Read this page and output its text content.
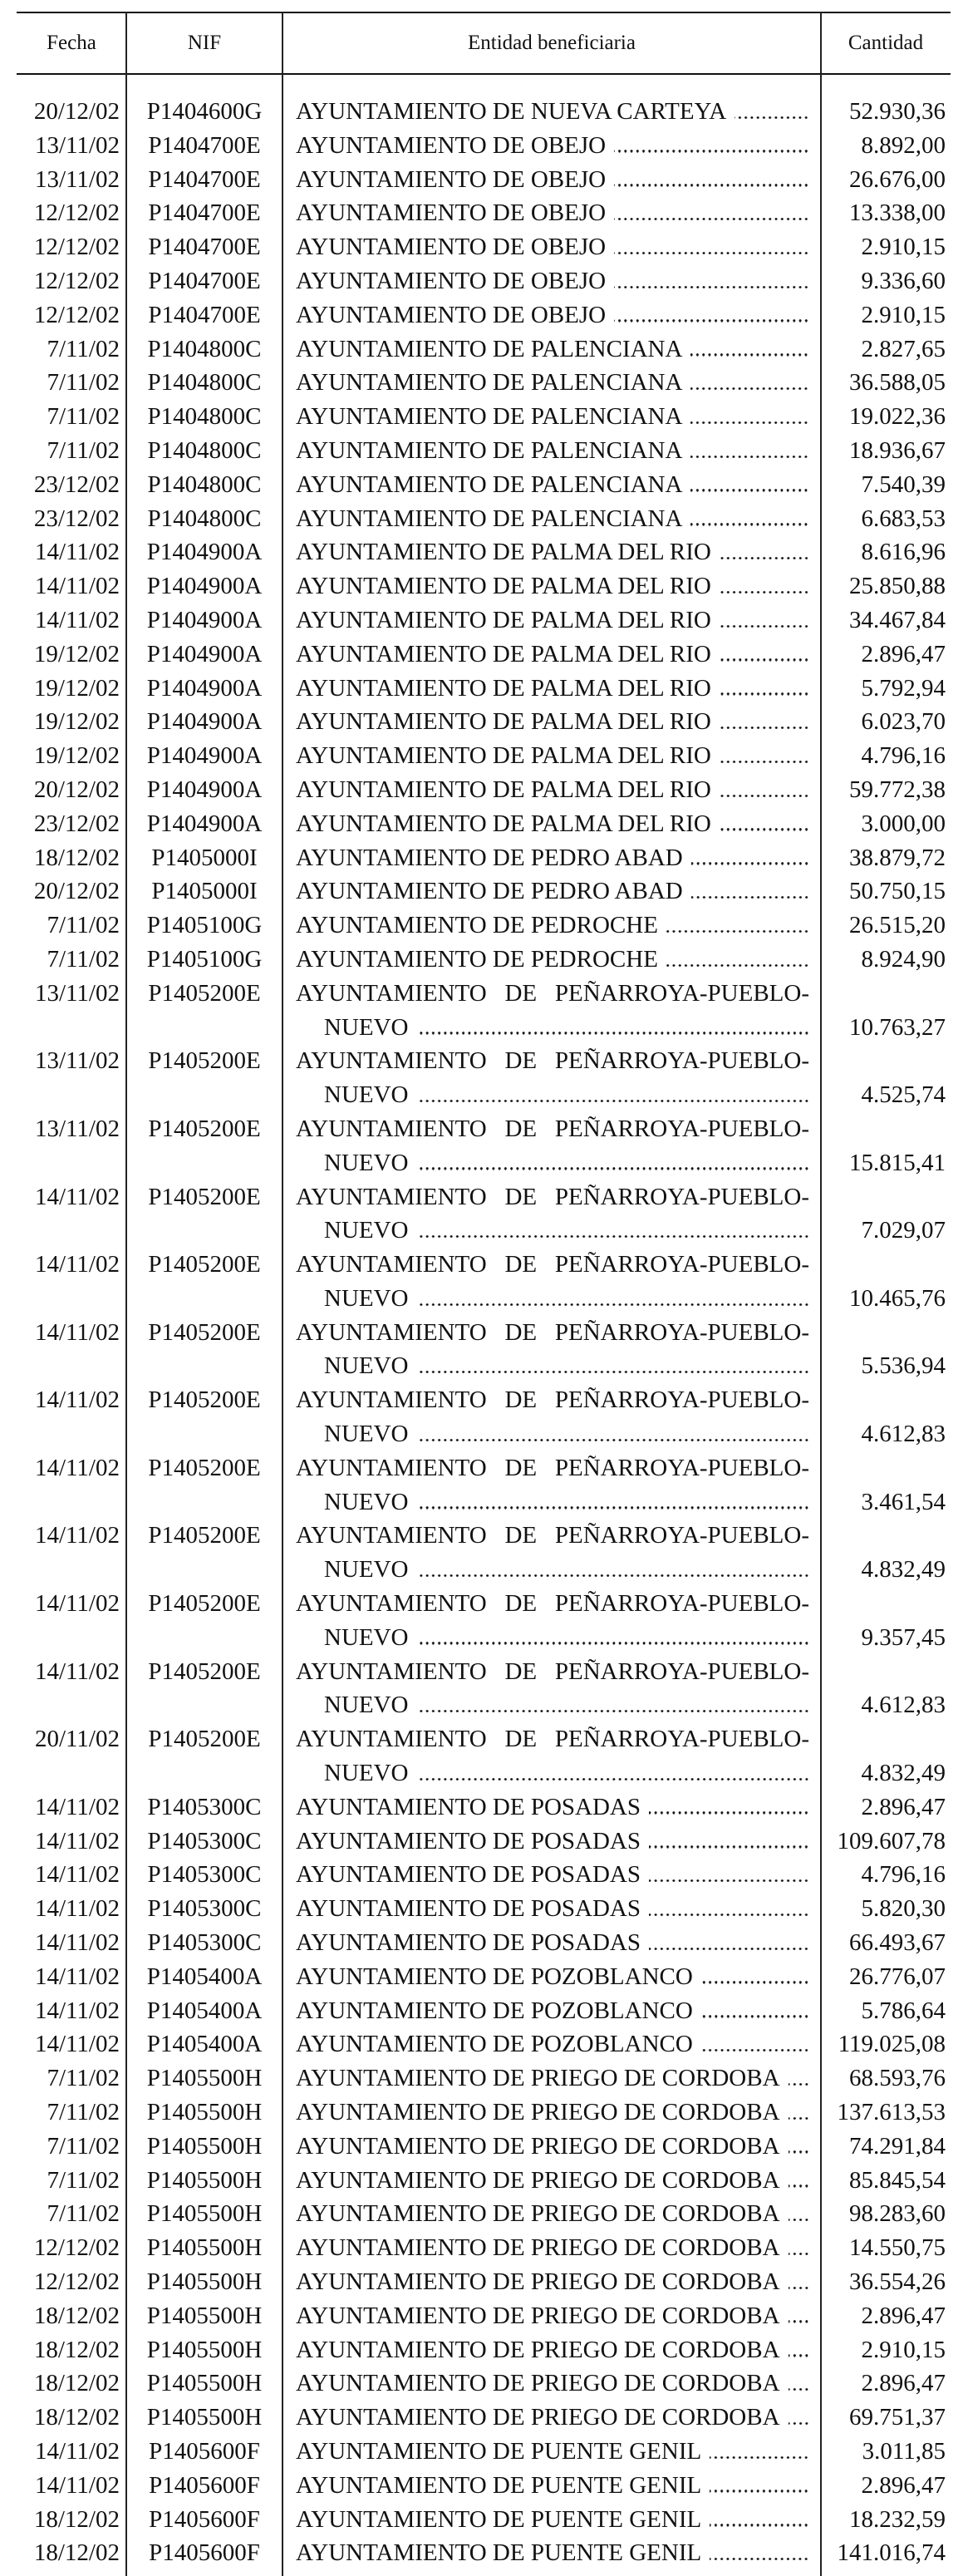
Fecha	NIF	Entidad beneficiaria	Cantidad
20/12/02	P1404600G	AYUNTAMIENTO DE NUEVA CARTEYA	52.930,36
13/11/02	P1404700E	AYUNTAMIENTO DE OBEJO	8.892,00
13/11/02	P1404700E	AYUNTAMIENTO DE OBEJO	26.676,00
12/12/02	P1404700E	AYUNTAMIENTO DE OBEJO	13.338,00
12/12/02	P1404700E	AYUNTAMIENTO DE OBEJO	2.910,15
12/12/02	P1404700E	AYUNTAMIENTO DE OBEJO	9.336,60
12/12/02	P1404700E	AYUNTAMIENTO DE OBEJO	2.910,15
7/11/02	P1404800C	AYUNTAMIENTO DE PALENCIANA	2.827,65
7/11/02	P1404800C	AYUNTAMIENTO DE PALENCIANA	36.588,05
7/11/02	P1404800C	AYUNTAMIENTO DE PALENCIANA	19.022,36
7/11/02	P1404800C	AYUNTAMIENTO DE PALENCIANA	18.936,67
23/12/02	P1404800C	AYUNTAMIENTO DE PALENCIANA	7.540,39
23/12/02	P1404800C	AYUNTAMIENTO DE PALENCIANA	6.683,53
14/11/02	P1404900A	AYUNTAMIENTO DE PALMA DEL RIO	8.616,96
14/11/02	P1404900A	AYUNTAMIENTO DE PALMA DEL RIO	25.850,88
14/11/02	P1404900A	AYUNTAMIENTO DE PALMA DEL RIO	34.467,84
19/12/02	P1404900A	AYUNTAMIENTO DE PALMA DEL RIO	2.896,47
19/12/02	P1404900A	AYUNTAMIENTO DE PALMA DEL RIO	5.792,94
19/12/02	P1404900A	AYUNTAMIENTO DE PALMA DEL RIO	6.023,70
19/12/02	P1404900A	AYUNTAMIENTO DE PALMA DEL RIO	4.796,16
20/12/02	P1404900A	AYUNTAMIENTO DE PALMA DEL RIO	59.772,38
23/12/02	P1404900A	AYUNTAMIENTO DE PALMA DEL RIO	3.000,00
18/12/02	P1405000I	AYUNTAMIENTO DE PEDRO ABAD	38.879,72
20/12/02	P1405000I	AYUNTAMIENTO DE PEDRO ABAD	50.750,15
7/11/02	P1405100G	AYUNTAMIENTO DE PEDROCHE	26.515,20
7/11/02	P1405100G	AYUNTAMIENTO DE PEDROCHE	8.924,90
13/11/02	P1405200E	AYUNTAMIENTO DE PEÑARROYA-PUEBLO-
NUEVO	10.763,27
13/11/02	P1405200E	AYUNTAMIENTO DE PEÑARROYA-PUEBLO-
NUEVO	4.525,74
13/11/02	P1405200E	AYUNTAMIENTO DE PEÑARROYA-PUEBLO-
NUEVO	15.815,41
14/11/02	P1405200E	AYUNTAMIENTO DE PEÑARROYA-PUEBLO-
NUEVO	7.029,07
14/11/02	P1405200E	AYUNTAMIENTO DE PEÑARROYA-PUEBLO-
NUEVO	10.465,76
14/11/02	P1405200E	AYUNTAMIENTO DE PEÑARROYA-PUEBLO-
NUEVO	5.536,94
14/11/02	P1405200E	AYUNTAMIENTO DE PEÑARROYA-PUEBLO-
NUEVO	4.612,83
14/11/02	P1405200E	AYUNTAMIENTO DE PEÑARROYA-PUEBLO-
NUEVO	3.461,54
14/11/02	P1405200E	AYUNTAMIENTO DE PEÑARROYA-PUEBLO-
NUEVO	4.832,49
14/11/02	P1405200E	AYUNTAMIENTO DE PEÑARROYA-PUEBLO-
NUEVO	9.357,45
14/11/02	P1405200E	AYUNTAMIENTO DE PEÑARROYA-PUEBLO-
NUEVO	4.612,83
20/11/02	P1405200E	AYUNTAMIENTO DE PEÑARROYA-PUEBLO-
NUEVO	4.832,49
14/11/02	P1405300C	AYUNTAMIENTO DE POSADAS	2.896,47
14/11/02	P1405300C	AYUNTAMIENTO DE POSADAS	109.607,78
14/11/02	P1405300C	AYUNTAMIENTO DE POSADAS	4.796,16
14/11/02	P1405300C	AYUNTAMIENTO DE POSADAS	5.820,30
14/11/02	P1405300C	AYUNTAMIENTO DE POSADAS	66.493,67
14/11/02	P1405400A	AYUNTAMIENTO DE POZOBLANCO	26.776,07
14/11/02	P1405400A	AYUNTAMIENTO DE POZOBLANCO	5.786,64
14/11/02	P1405400A	AYUNTAMIENTO DE POZOBLANCO	119.025,08
7/11/02	P1405500H	AYUNTAMIENTO DE PRIEGO DE CORDOBA	68.593,76
7/11/02	P1405500H	AYUNTAMIENTO DE PRIEGO DE CORDOBA	137.613,53
7/11/02	P1405500H	AYUNTAMIENTO DE PRIEGO DE CORDOBA	74.291,84
7/11/02	P1405500H	AYUNTAMIENTO DE PRIEGO DE CORDOBA	85.845,54
7/11/02	P1405500H	AYUNTAMIENTO DE PRIEGO DE CORDOBA	98.283,60
12/12/02	P1405500H	AYUNTAMIENTO DE PRIEGO DE CORDOBA	14.550,75
12/12/02	P1405500H	AYUNTAMIENTO DE PRIEGO DE CORDOBA	36.554,26
18/12/02	P1405500H	AYUNTAMIENTO DE PRIEGO DE CORDOBA	2.896,47
18/12/02	P1405500H	AYUNTAMIENTO DE PRIEGO DE CORDOBA	2.910,15
18/12/02	P1405500H	AYUNTAMIENTO DE PRIEGO DE CORDOBA	2.896,47
18/12/02	P1405500H	AYUNTAMIENTO DE PRIEGO DE CORDOBA	69.751,37
14/11/02	P1405600F	AYUNTAMIENTO DE PUENTE GENIL	3.011,85
14/11/02	P1405600F	AYUNTAMIENTO DE PUENTE GENIL	2.896,47
18/12/02	P1405600F	AYUNTAMIENTO DE PUENTE GENIL	18.232,59
18/12/02	P1405600F	AYUNTAMIENTO DE PUENTE GENIL	141.016,74
